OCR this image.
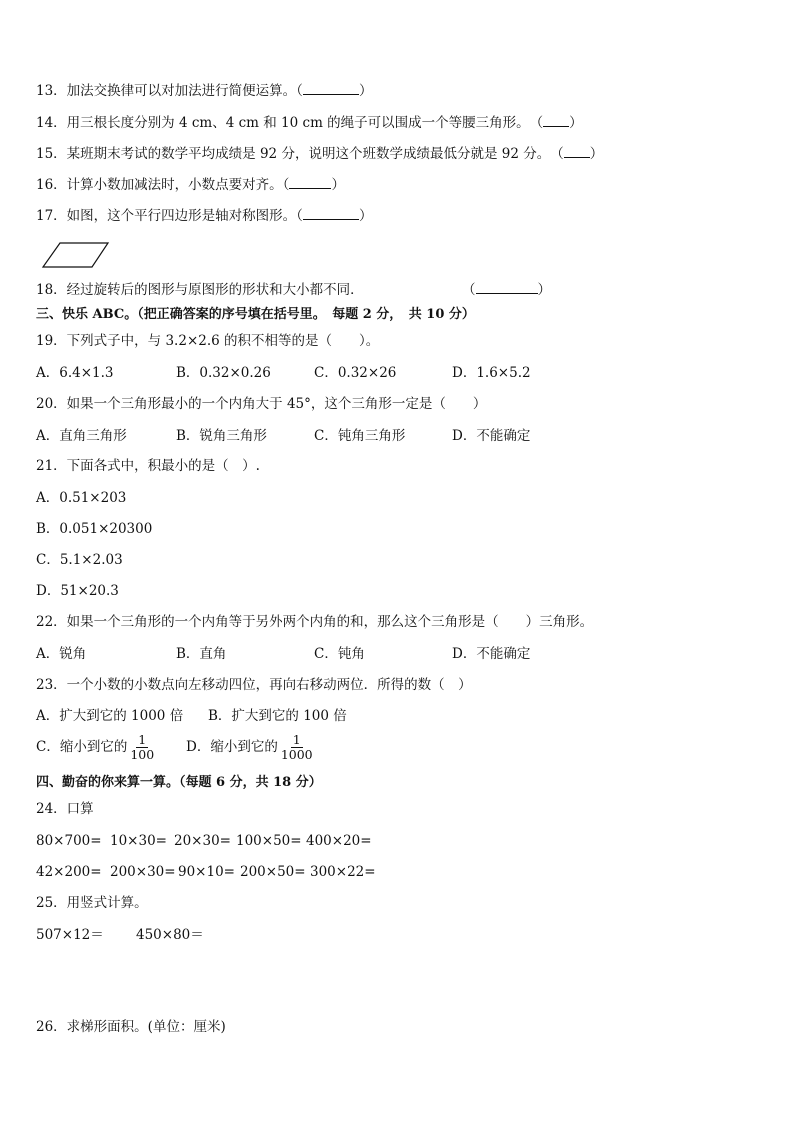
13．加法交换律可以对加法进行简便运算。（	）
14．用三根长度分别为 4 cm、4 cm 和 10 cm 的绳子可以围成一个等腰三角形。　（ ）
15．某班期末考试的数学平均成绩是 92 分，说明这个班数学成绩最低分就是 92 分。　（ ）
16．计算小数加减法时，小数点要对齐。（	）
17．如图，这个平行四边形是轴对称图形。（	）
18．经过旋转后的图形与原图形的形状和大小都不同．	（	）
三、快乐 ABC。（把正确答案的序号填在括号里。　每题 2 分，　共 10 分）
19．下列式子中，与 3.2×2.6 的积不相等的是（　　）。
A．6.4×1.3	B．0.32×0.26	C．0.32×26	D．1.6×5.2
20．如果一个三角形最小的一个内角大于 45°，这个三角形一定是（　　）
A．直角三角形	B．锐角三角形	C．钝角三角形	D．不能确定
21．下面各式中，积最小的是（　）.
A．0.51×203
B．0.051×20300
C．5.1×2.03
D．51×20.3
22．如果一个三角形的一个内角等于另外两个内角的和，那么这个三角形是（　　）三角形。
A．锐角	B．直角	C．钝角	D．不能确定
23．一个小数的小数点向左移动四位，再向右移动两位．所得的数（　）
A．扩大到它的 1000 倍 B．扩大到它的 100 倍
C．缩小到它的 $\frac{1}{100}$ D．缩小到它的 $\frac{1}{1000}$
四、勤奋的你来算一算。（每题 6 分，共 18 分）
24．口算
80×700= 10×30= 20×30= 100×50= 400×20=
42×200= 200×30= 90×10= 200×50= 300×22=
25．用竖式计算。
507×12＝ 450×80＝
26．求梯形面积。(单位：厘米)
